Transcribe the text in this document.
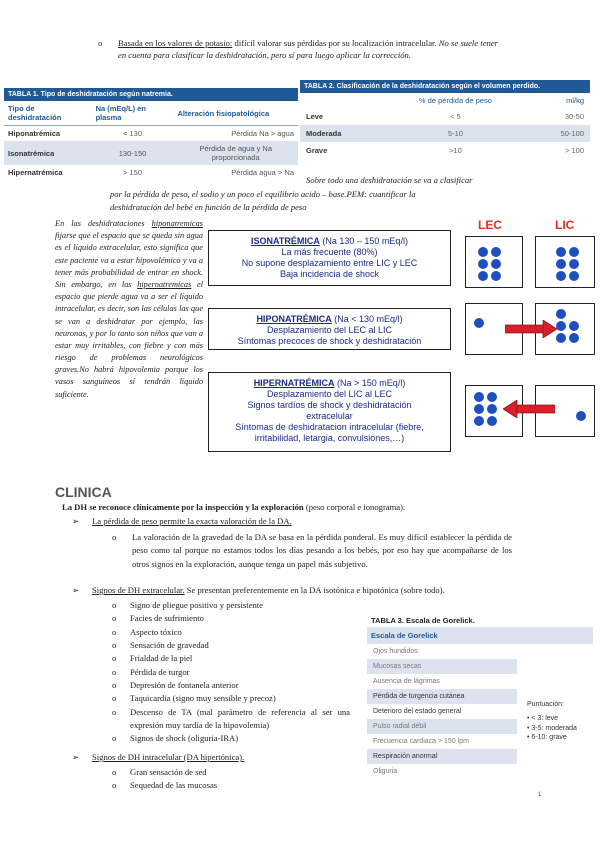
o Basada en los valores de potasio: difícil valorar sus pérdidas por su localización intracelular. No se suele tener en cuenta para clasificar la deshidratación, pero sí para luego aplicar la corrección.
TABLA 1. Tipo de deshidratación según natremia.
Tipo de deshidratación	Na (mEq/L) en plasma	Alteración fisiopatológica
Hiponatrémica	< 130	Pérdida Na > agua
Isonatrémica	130-150	Pérdida de agua y Na proporcionada
Hipernatrémica	> 150	Pérdida agua > Na
TABLA 2. Clasificación de la deshidratación según el volumen perdido.
	% de pérdida de peso	ml/kg
Leve	< 5	30-50
Moderada	5-10	50-100
Grave	>10	> 100
Sobre todo una deshidratación se va a clasificar
por la pérdida de peso, el sodio y un poco el equilibrio acido – base.PEM: cuantificar la
deshidratación del bebé en función de la pérdida de peso
En las deshidrataciones hiponatremicas fijarse que el espacio que se queda sin agua es el líquido extracelular, esto significa que este paciente va a estar hipovolémico y va a tener más probabilidad de entrar en shock. Sin embargo, en las hipernatremicas el espacio que pierde agua va a ser el líquido intracelular, es decir, son las células las que se van a deshidratar por ejemplo, las neuronas, y por lo tanto son niños que van a estar muy irritables, con fiebre y con más riesgo de problemas neurológicos graves.No habrá hipovolemia porque los vasos sanguíneos sí tendrán líquido suficiente.
ISONATRÉMICA (Na 130 – 150 mEq/l)
La más frecuente (80%)
No supone desplazamiento entre LIC y LEC
Baja incidencia de shock
HIPONATRÉMICA (Na < 130 mEq/l)
Desplazamiento del LEC al LIC
Síntomas precoces de shock y deshidratación
HIPERNATRÉMICA (Na > 150 mEq/l)
Desplazamiento del LIC al LEC
Signos tardíos de shock y deshidratación
extracelular
Síntomas de deshidratacion intracelular (fiebre,
irritabilidad, letargia, convulsiones,…)
LEC	LIC
CLINICA
La DH se reconoce clínicamente por la inspección y la exploración (peso corporal e ionograma).
➢ La pérdida de peso permite la exacta valoración de la DA.
o La valoración de la gravedad de la DA se basa en la pérdida ponderal. Es muy difícil establecer la pérdida de peso como tal porque no estamos todos los días pesando a los bebés, por eso hay que acompañarse de los otros signos en la exploración, aunque tenga un papel más subjetivo.
➢ Signos de DH extracelular. Se presentan preferentemente en la DA isotónica e hipotónica (sobre todo).
o Signo de pliegue positivo y persistente
o Facies de sufrimiento
o Aspecto tóxico
o Sensación de gravedad
o Frialdad de la piel
o Pérdida de turgor
o Depresión de fontanela anterior
o Taquicardia (signo muy sensible y precoz)
o	Descenso de TA (mal parámetro de referencia al ser una expresión muy tardía de la hipovolemia)
o Signos de shock (oliguria-IRA)
➢ Signos de DH intracelular (DA hipertónica).
o Gran sensación de sed
o Sequedad de las mucosas
TABLA 3. Escala de Gorelick.
Escala de Gorelick
Ojos hundidos	
Mucosas secas	
Ausencia de lágrimas	
Pérdida de turgencia cutánea	
Deterioro del estado general	
Pulso radial débil	
Frecuencia cardiaca > 150 lpm	
Respiración anormal	
Oliguria	
Puntuación:
• < 3: leve
• 3-5: moderada
• 6-10: grave
1
